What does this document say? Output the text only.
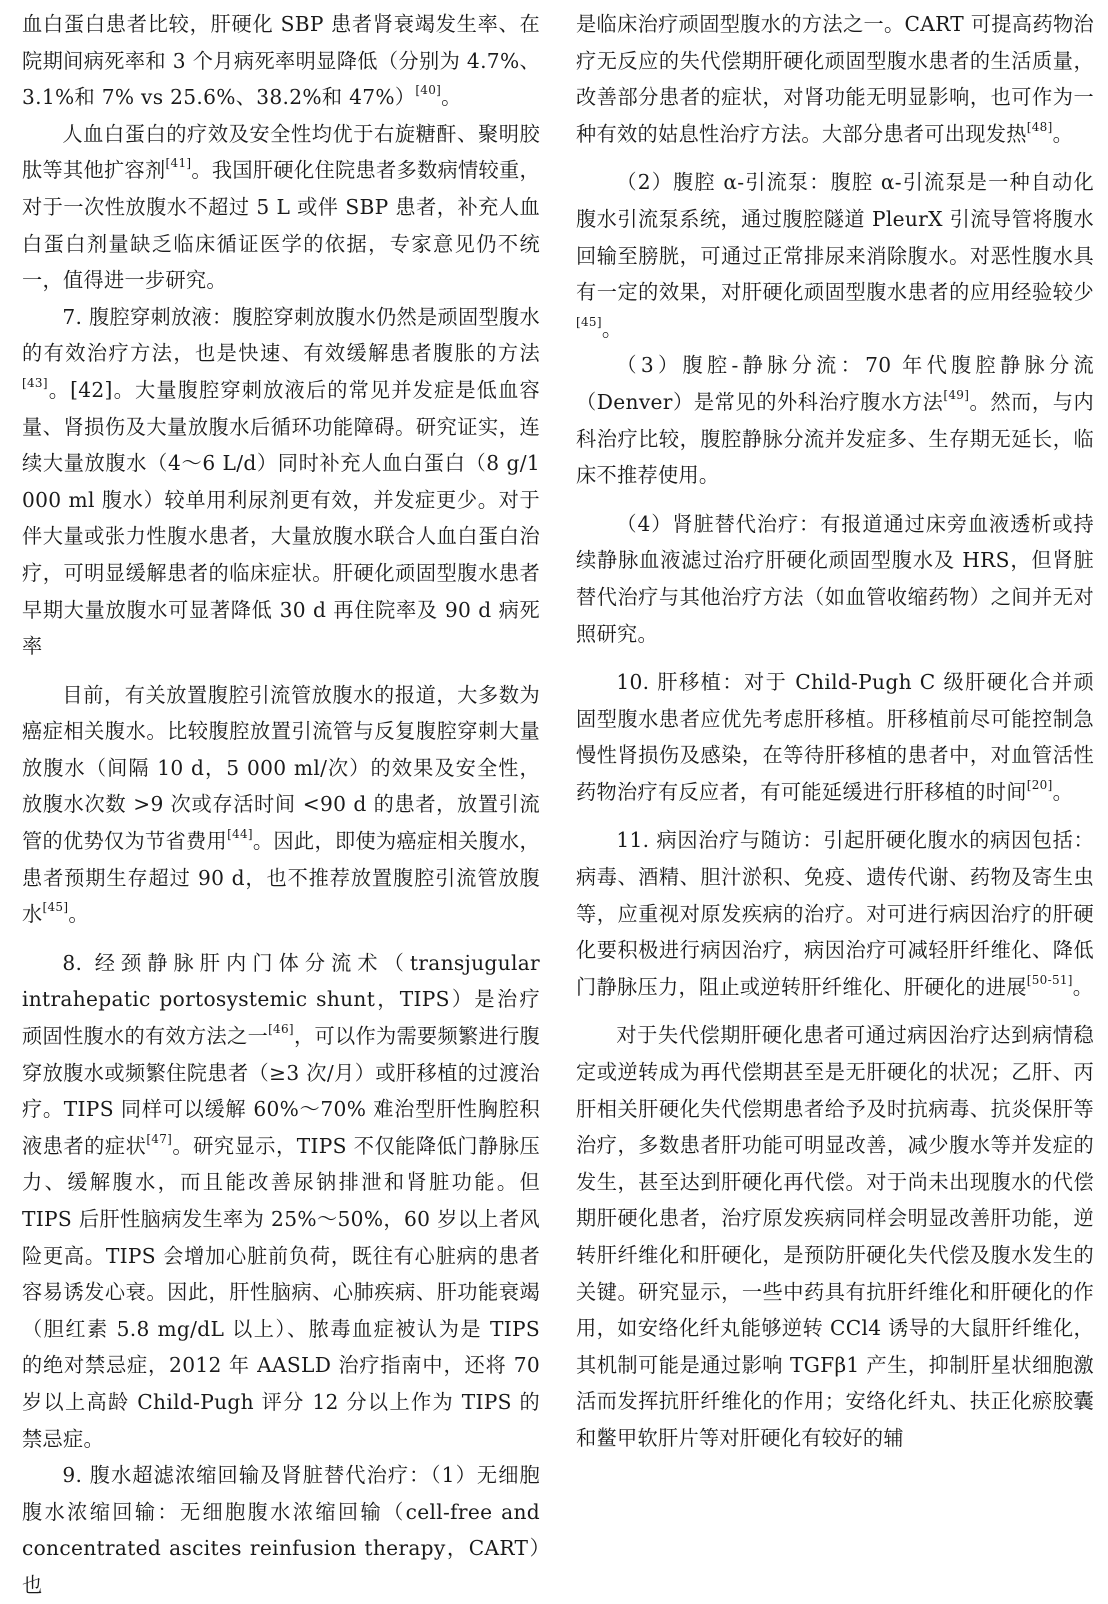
血白蛋白患者比较，肝硬化 SBP 患者肾衰竭发生率、在院期间病死率和 3 个月病死率明显降低（分别为 4.7%、3.1%和 7% vs 25.6%、38.2%和 47%）[40]。

人血白蛋白的疗效及安全性均优于右旋糖酐、聚明胶肽等其他扩容剂[41]。我国肝硬化住院患者多数病情较重，对于一次性放腹水不超过 5 L 或伴 SBP 患者，补充人血白蛋白剂量缺乏临床循证医学的依据，专家意见仍不统一，值得进一步研究。

7. 腹腔穿刺放液：腹腔穿刺放腹水仍然是顽固型腹水的有效治疗方法，也是快速、有效缓解患者腹胀的方法[43]。[42]。大量腹腔穿刺放液后的常见并发症是低血容量、肾损伤及大量放腹水后循环功能障碍。研究证实，连续大量放腹水（4～6 L/d）同时补充人血白蛋白（8 g/1 000 ml 腹水）较单用利尿剂更有效，并发症更少。对于伴大量或张力性腹水患者，大量放腹水联合人血白蛋白治疗，可明显缓解患者的临床症状。肝硬化顽固型腹水患者早期大量放腹水可显著降低 30 d 再住院率及 90 d 病死率

目前，有关放置腹腔引流管放腹水的报道，大多数为癌症相关腹水。比较腹腔放置引流管与反复腹腔穿刺大量放腹水（间隔 10 d，5 000 ml/次）的效果及安全性，放腹水次数 >9 次或存活时间 <90 d 的患者，放置引流管的优势仅为节省费用[44]。因此，即使为癌症相关腹水，患者预期生存超过 90 d，也不推荐放置腹腔引流管放腹水[45]。

8. 经颈静脉肝内门体分流术（transjugular intrahepatic portosystemic shunt，TIPS）是治疗顽固性腹水的有效方法之一[46]，可以作为需要频繁进行腹穿放腹水或频繁住院患者（≥3 次/月）或肝移植的过渡治疗。TIPS 同样可以缓解 60%～70% 难治型肝性胸腔积液患者的症状[47]。研究显示，TIPS 不仅能降低门静脉压力、缓解腹水，而且能改善尿钠排泄和肾脏功能。但 TIPS 后肝性脑病发生率为 25%～50%，60 岁以上者风险更高。TIPS 会增加心脏前负荷，既往有心脏病的患者容易诱发心衰。因此，肝性脑病、心肺疾病、肝功能衰竭（胆红素 5.8 mg/dL 以上）、脓毒血症被认为是 TIPS 的绝对禁忌症，2012 年 AASLD 治疗指南中，还将 70 岁以上高龄 Child-Pugh 评分 12 分以上作为 TIPS 的禁忌症。

9. 腹水超滤浓缩回输及肾脏替代治疗：（1）无细胞腹水浓缩回输：无细胞腹水浓缩回输（cell-free and concentrated ascites reinfusion therapy，CART）也

是临床治疗顽固型腹水的方法之一。CART 可提高药物治疗无反应的失代偿期肝硬化顽固型腹水患者的生活质量，改善部分患者的症状，对肾功能无明显影响，也可作为一种有效的姑息性治疗方法。大部分患者可出现发热[48]。

（2）腹腔 α-引流泵：腹腔 α-引流泵是一种自动化腹水引流泵系统，通过腹腔隧道 PleurX 引流导管将腹水回输至膀胱，可通过正常排尿来消除腹水。对恶性腹水具有一定的效果，对肝硬化顽固型腹水患者的应用经验较少[45]。

（3）腹腔-静脉分流：70 年代腹腔静脉分流（Denver）是常见的外科治疗腹水方法[49]。然而，与内科治疗比较，腹腔静脉分流并发症多、生存期无延长，临床不推荐使用。

（4）肾脏替代治疗：有报道通过床旁血液透析或持续静脉血液滤过治疗肝硬化顽固型腹水及 HRS，但肾脏替代治疗与其他治疗方法（如血管收缩药物）之间并无对照研究。

10. 肝移植：对于 Child-Pugh C 级肝硬化合并顽固型腹水患者应优先考虑肝移植。肝移植前尽可能控制急慢性肾损伤及感染，在等待肝移植的患者中，对血管活性药物治疗有反应者，有可能延缓进行肝移植的时间[20]。

11. 病因治疗与随访：引起肝硬化腹水的病因包括：病毒、酒精、胆汁淤积、免疫、遗传代谢、药物及寄生虫等，应重视对原发疾病的治疗。对可进行病因治疗的肝硬化要积极进行病因治疗，病因治疗可减轻肝纤维化、降低门静脉压力，阻止或逆转肝纤维化、肝硬化的进展[50-51]。

对于失代偿期肝硬化患者可通过病因治疗达到病情稳定或逆转成为再代偿期甚至是无肝硬化的状况；乙肝、丙肝相关肝硬化失代偿期患者给予及时抗病毒、抗炎保肝等治疗，多数患者肝功能可明显改善，减少腹水等并发症的发生，甚至达到肝硬化再代偿。对于尚未出现腹水的代偿期肝硬化患者，治疗原发疾病同样会明显改善肝功能，逆转肝纤维化和肝硬化，是预防肝硬化失代偿及腹水发生的关键。研究显示，一些中药具有抗肝纤维化和肝硬化的作用，如安络化纤丸能够逆转 CCl4 诱导的大鼠肝纤维化，其机制可能是通过影响 TGFβ1 产生，抑制肝星状细胞激活而发挥抗肝纤维化的作用；安络化纤丸、扶正化瘀胶囊和鳖甲软肝片等对肝硬化有较好的辅
